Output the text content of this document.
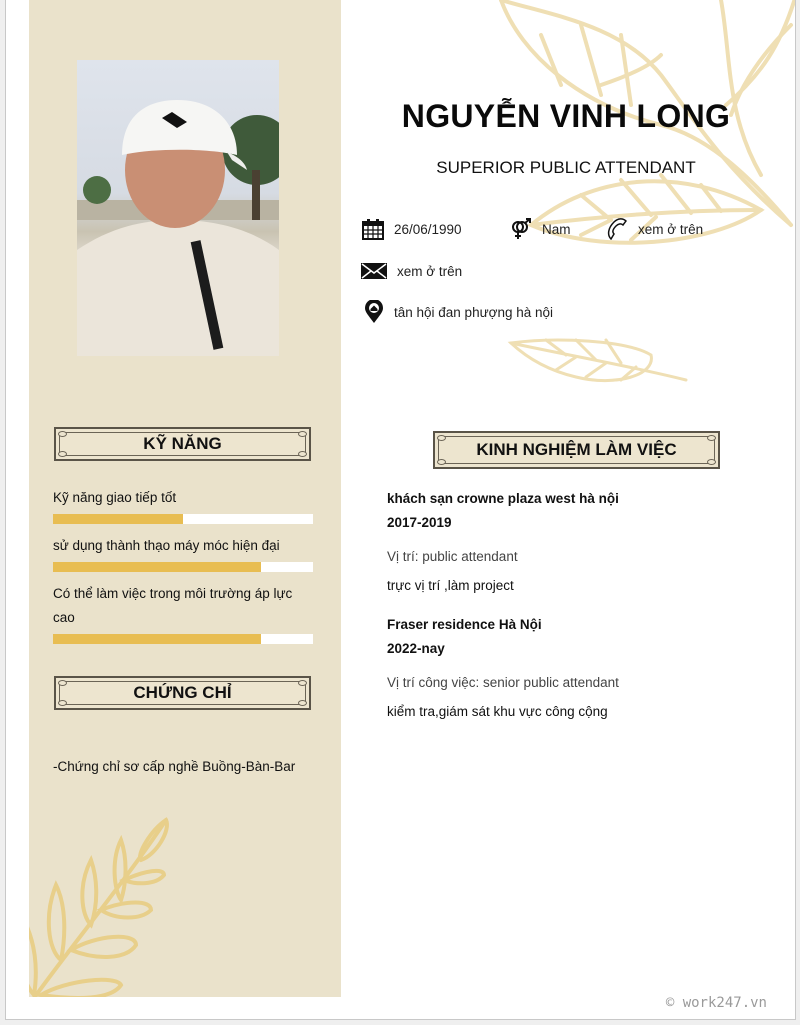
NGUYỄN VINH LONG
SUPERIOR PUBLIC ATTENDANT
26/06/1990	Nam	xem ở trên
xem ở trên
tân hội đan phượng hà nội
KỸ NĂNG
Kỹ năng giao tiếp tốt
sử dụng thành thạo máy móc hiện đại
Có thể làm việc trong môi trường áp lực cao
CHỨNG CHỈ
-Chứng chỉ sơ cấp nghề Buồng-Bàn-Bar
KINH NGHIỆM LÀM VIỆC
khách sạn crowne plaza west hà nội
2017-2019
Vị trí: public attendant
trực vị trí ,làm project
Fraser residence Hà Nội
2022-nay
Vị trí công việc: senior public attendant
kiểm tra,giám sát khu vực công cộng
© work247.vn
